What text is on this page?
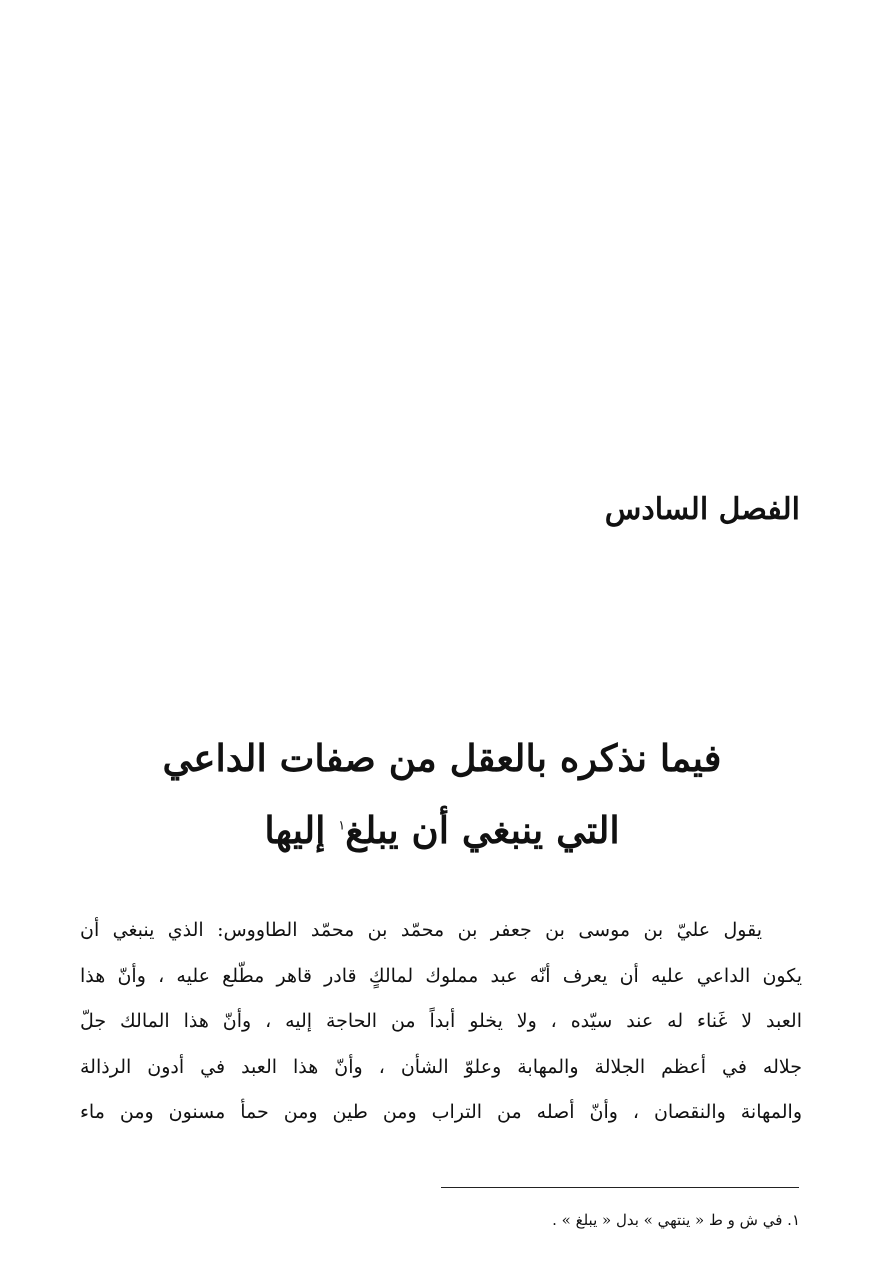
الفصل السادس
فيما نذكره بالعقل من صفات الداعي
التي ينبغي أن يبلغ$^١$ إليها
يقول عليّ بن موسى بن جعفر بن محمّد بن محمّد الطاووس: الذي ينبغي أن
يكون الداعي عليه أن يعرف أنّه عبد مملوك لمالكٍ قادر قاهر مطّلع عليه ، وأنّ هذا
العبد لا غَناء له عند سيّده ، ولا يخلو أبداً من الحاجة إليه ، وأنّ هذا المالك جلّ
جلاله في أعظم الجلالة والمهابة وعلوّ الشأن ، وأنّ هذا العبد في أدون الرذالة
والمهانة والنقصان ، وأنّ أصله من التراب ومن طين ومن حمأ مسنون ومن ماء

١. في ش و ط « ينتهي » بدل « يبلغ » .
